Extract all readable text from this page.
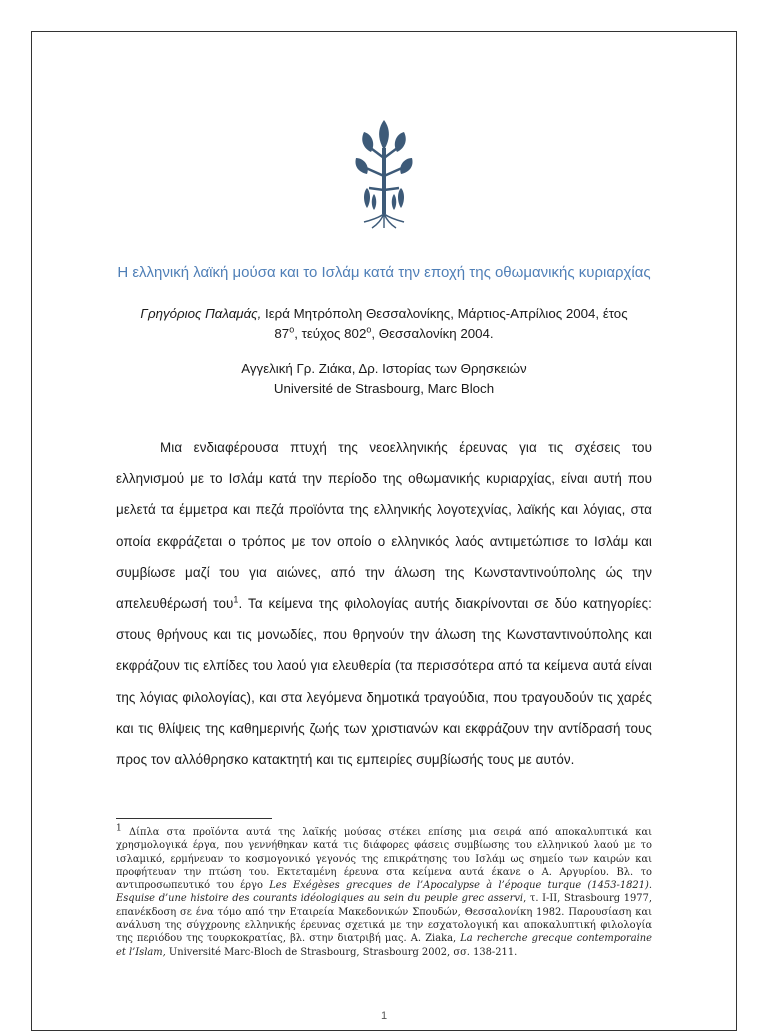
Η ελληνική λαϊκή μούσα και το Ισλάμ κατά την εποχή της οθωμανικής κυριαρχίας
Γρηγόριος Παλαμάς, Ιερά Μητρόπολη Θεσσαλονίκης, Μάρτιος-Απρίλιος 2004, έτος
$87^o$, τεύχος $802^o$, Θεσσαλονίκη 2004.
Αγγελική Γρ. Ζιάκα, Δρ. Ιστορίας των Θρησκειών
Université de Strasbourg, Marc Bloch
Μια ενδιαφέρουσα πτυχή της νεοελληνικής έρευνας για τις σχέσεις του ελληνισμού με το Ισλάμ κατά την περίοδο της οθωμανικής κυριαρχίας, είναι αυτή που μελετά τα έμμετρα και πεζά προϊόντα της ελληνικής λογοτεχνίας, λαϊκής και λόγιας, στα οποία εκφράζεται ο τρόπος με τον οποίο ο ελληνικός λαός αντιμετώπισε το Ισλάμ και συμβίωσε μαζί του για αιώνες, από την άλωση της Κωνσταντινούπολης ώς την απελευθέρωσή του$^1$. Τα κείμενα της φιλολογίας αυτής διακρίνονται σε δύο κατηγορίες: στους θρήνους και τις μονωδίες, που θρηνούν την άλωση της Κωνσταντινούπολης και εκφράζουν τις ελπίδες του λαού για ελευθερία (τα περισσότερα από τα κείμενα αυτά είναι της λόγιας φιλολογίας), και στα λεγόμενα δημοτικά τραγούδια, που τραγουδούν τις χαρές και τις θλίψεις της καθημερινής ζωής των χριστιανών και εκφράζουν την αντίδρασή τους προς τον αλλόθρησκο κατακτητή και τις εμπειρίες συμβίωσής τους με αυτόν.
$^1$ Δίπλα στα προϊόντα αυτά της λαϊκής μούσας στέκει επίσης μια σειρά από αποκαλυπτικά και χρησμολογικά έργα, που γεννήθηκαν κατά τις διάφορες φάσεις συμβίωσης του ελληνικού λαού με το ισλαμικό, ερμήνευαν το κοσμογονικό γεγονός της επικράτησης του Ισλάμ ως σημείο των καιρών και προφήτευαν την πτώση του. Εκτεταμένη έρευνα στα κείμενα αυτά έκανε ο Α. Αργυρίου. Βλ. το αντιπροσωπευτικό του έργο Les Exégèses grecques de l’Apocalypse à l’époque turque (1453-1821). Esquise d’une histoire des courants idéologiques au sein du peuple grec asservi, τ. Ι-ΙΙ, Strasbourg 1977, επανέκδοση σε ένα τόμο από την Εταιρεία Μακεδονικών Σπουδών, Θεσσαλονίκη 1982. Παρουσίαση και ανάλυση της σύγχρονης ελληνικής έρευνας σχετικά με την εσχατολογική και αποκαλυπτική φιλολογία της περιόδου της τουρκοκρατίας, βλ. στην διατριβή μας. A. Ziaka, La recherche grecque contemporaine et l’Islam, Université Marc-Bloch de Strasbourg, Strasbourg 2002, σσ. 138-211.
1
